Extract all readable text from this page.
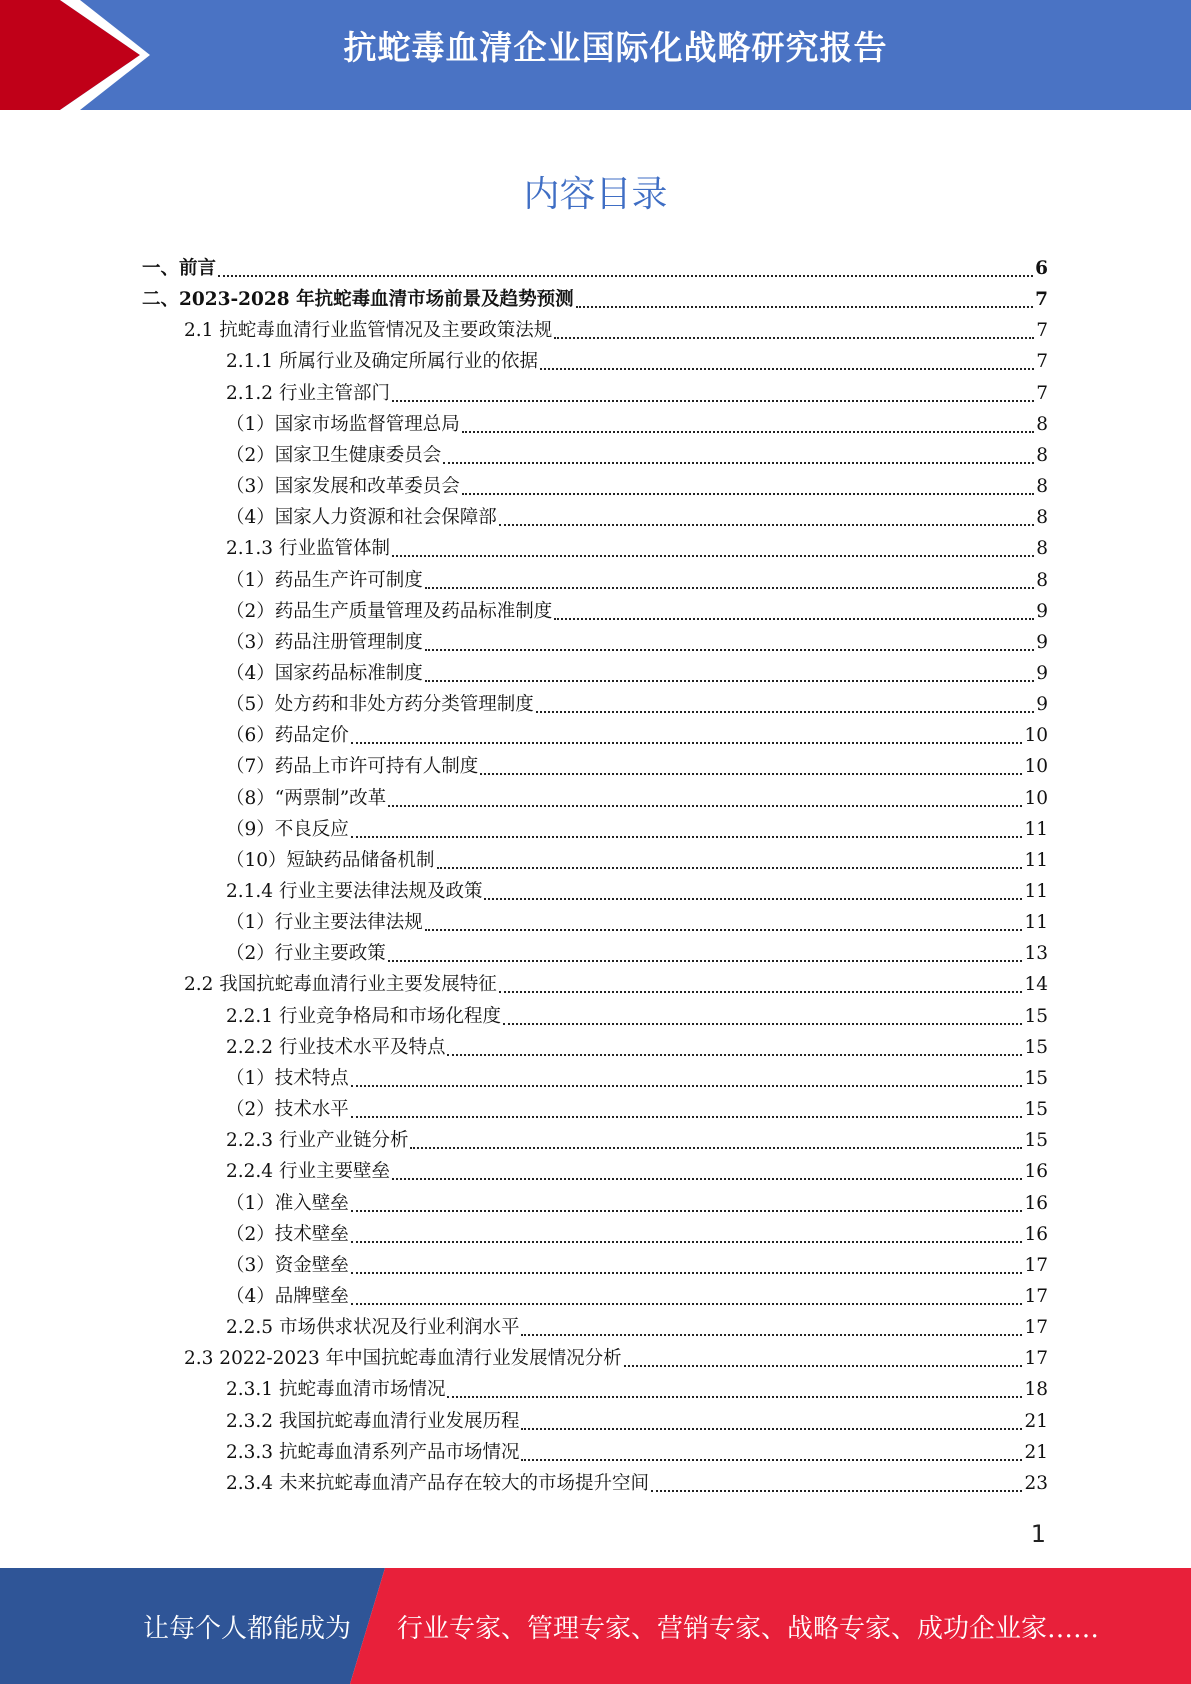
抗蛇毒血清企业国际化战略研究报告
内容目录
一、前言	6
二、2023-2028 年抗蛇毒血清市场前景及趋势预测	7
2.1 抗蛇毒血清行业监管情况及主要政策法规	7
2.1.1 所属行业及确定所属行业的依据	7
2.1.2 行业主管部门	7
（1）国家市场监督管理总局	8
（2）国家卫生健康委员会	8
（3）国家发展和改革委员会	8
（4）国家人力资源和社会保障部	8
2.1.3 行业监管体制	8
（1）药品生产许可制度	8
（2）药品生产质量管理及药品标准制度	9
（3）药品注册管理制度	9
（4）国家药品标准制度	9
（5）处方药和非处方药分类管理制度	9
（6）药品定价	10
（7）药品上市许可持有人制度	10
（8）“两票制”改革	10
（9）不良反应	11
（10）短缺药品储备机制	11
2.1.4 行业主要法律法规及政策	11
（1）行业主要法律法规	11
（2）行业主要政策	13
2.2 我国抗蛇毒血清行业主要发展特征	14
2.2.1 行业竞争格局和市场化程度	15
2.2.2 行业技术水平及特点	15
（1）技术特点	15
（2）技术水平	15
2.2.3 行业产业链分析	15
2.2.4 行业主要壁垒	16
（1）准入壁垒	16
（2）技术壁垒	16
（3）资金壁垒	17
（4）品牌壁垒	17
2.2.5 市场供求状况及行业利润水平	17
2.3 2022-2023 年中国抗蛇毒血清行业发展情况分析	17
2.3.1 抗蛇毒血清市场情况	18
2.3.2 我国抗蛇毒血清行业发展历程	21
2.3.3 抗蛇毒血清系列产品市场情况	21
2.3.4 未来抗蛇毒血清产品存在较大的市场提升空间	23
1
让每个人都能成为 行业专家、管理专家、营销专家、战略专家、成功企业家……
